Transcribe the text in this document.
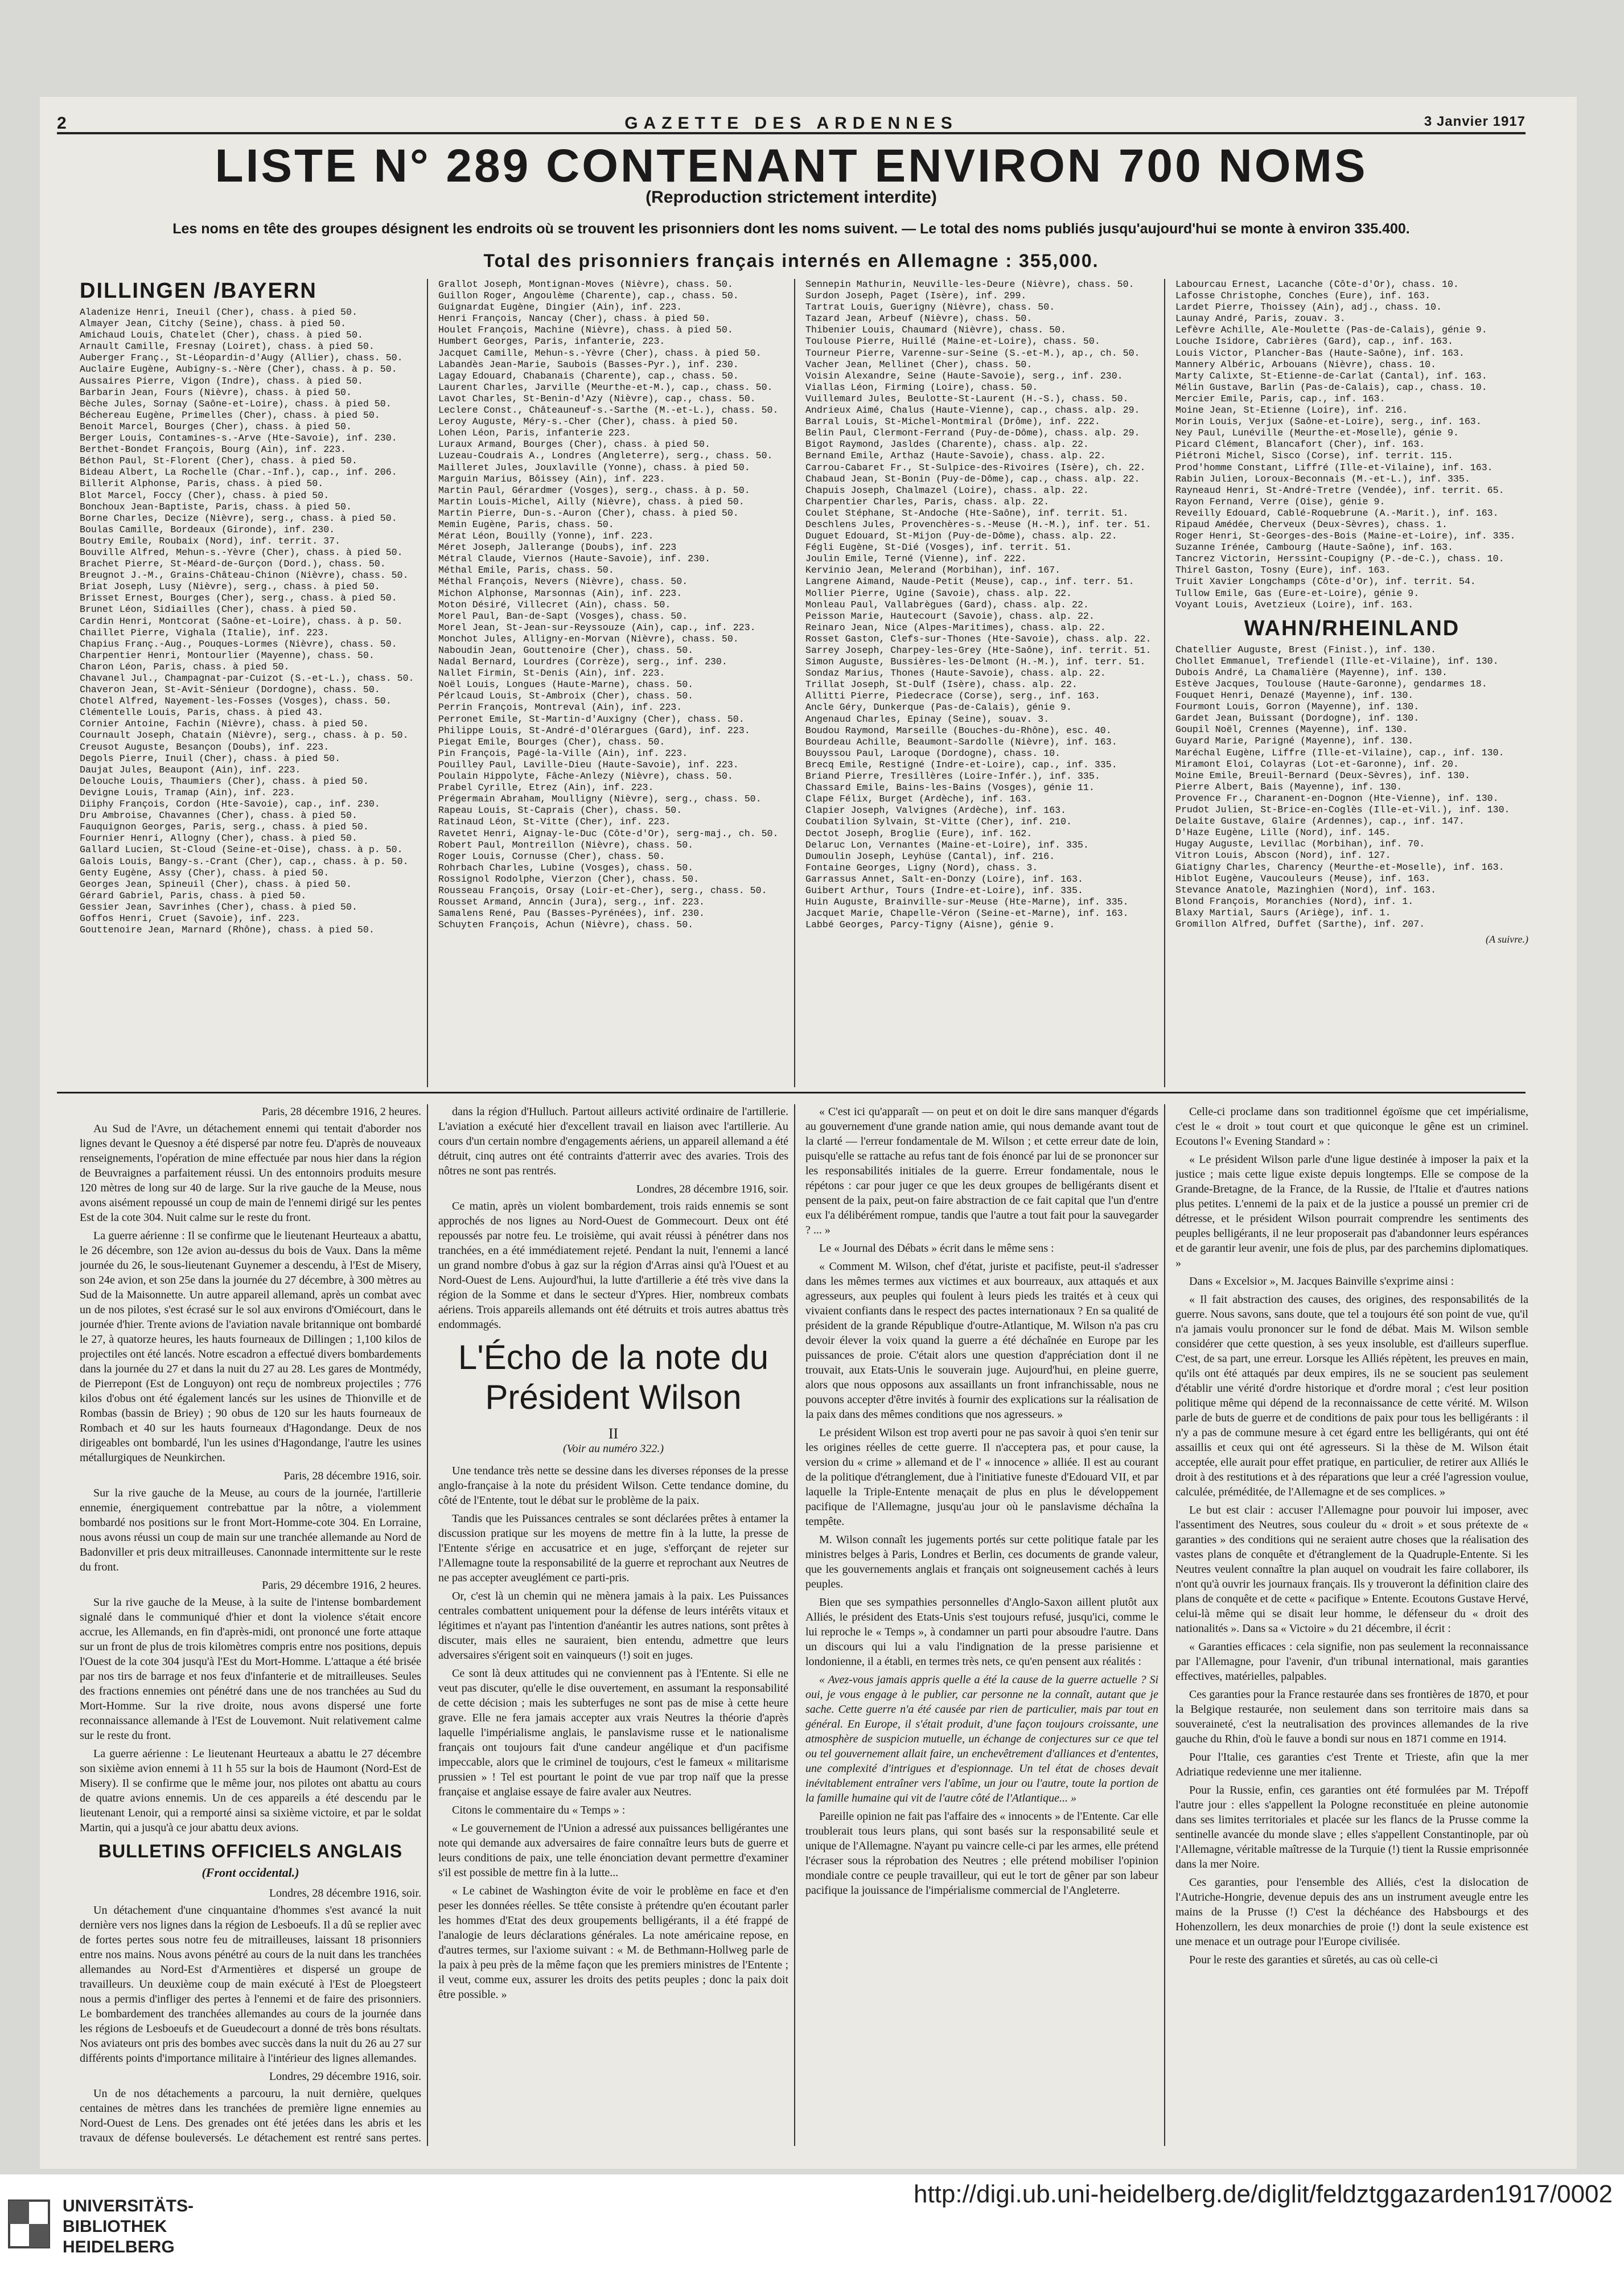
2	GAZETTE DES ARDENNES	3 Janvier 1917
LISTE N° 289 CONTENANT ENVIRON 700 NOMS
(Reproduction strictement interdite)
Les noms en tête des groupes désignent les endroits où se trouvent les prisonniers dont les noms suivent. — Le total des noms publiés jusqu'aujourd'hui se monte à environ 335.400.
Total des prisonniers français internés en Allemagne : 355,000.
DILLINGEN /BAYERN
Aladenize Henri, Ineuil (Cher), chass. à pied 50.
Almayer Jean, Citchy (Seine), chass. à pied 50.
Amichaud Louis, Chatelet (Cher), chass. à pied 50.
Arnault Camille, Fresnay (Loiret), chass. à pied 50.
Auberger Franç., St-Léopardin-d'Augy (Allier), chass. 50.
Auclaire Eugène, Aubigny-s.-Nère (Cher), chass. à p. 50.
Aussaires Pierre, Vigon (Indre), chass. à pied 50.
Barbarin Jean, Fours (Nièvre), chass. à pied 50.
Bèche Jules, Sornay (Saône-et-Loire), chass. à pied 50.
Béchereau Eugène, Primelles (Cher), chass. à pied 50.
Benoit Marcel, Bourges (Cher), chass. à pied 50.
Berger Louis, Contamines-s.-Arve (Hte-Savoie), inf. 230.
Berthet-Bondet François, Bourg (Ain), inf. 223.
Béthon Paul, St-Florent (Cher), chass. à pied 50.
Bideau Albert, La Rochelle (Char.-Inf.), cap., inf. 206.
Billerit Alphonse, Paris, chass. à pied 50.
Blot Marcel, Foccy (Cher), chass. à pied 50.
Bonchoux Jean-Baptiste, Paris, chass. à pied 50.
Borne Charles, Decize (Nièvre), serg., chass. à pied 50.
Boulas Camille, Bordeaux (Gironde), inf. 230.
Boutry Emile, Roubaix (Nord), inf. territ. 37.
Bouville Alfred, Mehun-s.-Yèvre (Cher), chass. à pied 50.
Brachet Pierre, St-Méard-de-Gurçon (Dord.), chass. 50.
Breugnot J.-M., Grains-Château-Chinon (Nièvre), chass. 50.
Briat Joseph, Lusy (Nièvre), serg., chass. à pied 50.
Brisset Ernest, Bourges (Cher), serg., chass. à pied 50.
Brunet Léon, Sidiailles (Cher), chass. à pied 50.
Cardin Henri, Montcorat (Saône-et-Loire), chass. à p. 50.
Chaillet Pierre, Vighala (Italie), inf. 223.
Chapius Franç.-Aug., Pouques-Lormes (Nièvre), chass. 50.
Charpentier Henri, Montourlier (Mayenne), chass. 50.
Charon Léon, Paris, chass. à pied 50.
Chavanel Jul., Champagnat-par-Cuizot (S.-et-L.), chass. 50.
Chaveron Jean, St-Avit-Sénieur (Dordogne), chass. 50.
Chotel Alfred, Nayement-les-Fosses (Vosges), chass. 50.
Clémentelle Louis, Paris, chass. à pied 43.
Cornier Antoine, Fachin (Nièvre), chass. à pied 50.
Cournault Joseph, Chatain (Nièvre), serg., chass. à p. 50.
Creusot Auguste, Besançon (Doubs), inf. 223.
Degols Pierre, Inuil (Cher), chass. à pied 50.
Daujat Jules, Beaupont (Ain), inf. 223.
Delouche Louis, Thaumiers (Cher), chass. à pied 50.
Devigne Louis, Tramap (Ain), inf. 223.
Diiphy François, Cordon (Hte-Savoie), cap., inf. 230.
Dru Ambroise, Chavannes (Cher), chass. à pied 50.
Fauquignon Georges, Paris, serg., chass. à pied 50.
Fournier Henri, Allogny (Cher), chass. à pied 50.
Gallard Lucien, St-Cloud (Seine-et-Oise), chass. à p. 50.
Galois Louis, Bangy-s.-Crant (Cher), cap., chass. à p. 50.
Genty Eugène, Assy (Cher), chass. à pied 50.
Georges Jean, Spineuil (Cher), chass. à pied 50.
Gérard Gabriel, Paris, chass. à pied 50.
Gessier Jean, Savrinhes (Cher), chass. à pied 50.
Goffos Henri, Cruet (Savoie), inf. 223.
Gouttenoire Jean, Marnard (Rhône), chass. à pied 50.
Grallot Joseph, Montignan-Moves (Nièvre), chass. 50.
Guillon Roger, Angoulème (Charente), cap., chass. 50.
Guignardat Eugène, Dingier (Ain), inf. 223.
Henri François, Nancay (Cher), chass. à pied 50.
Houlet François, Machine (Nièvre), chass. à pied 50.
Humbert Georges, Paris, infanterie, 223.
Jacquet Camille, Mehun-s.-Yèvre (Cher), chass. à pied 50.
Labandès Jean-Marie, Saubois (Basses-Pyr.), inf. 230.
Lagay Edouard, Chabanais (Charente), cap., chass. 50.
Laurent Charles, Jarville (Meurthe-et-M.), cap., chass. 50.
Lavot Charles, St-Benin-d'Azy (Nièvre), cap., chass. 50.
Leclere Const., Châteauneuf-s.-Sarthe (M.-et-L.), chass. 50.
Leroy Auguste, Méry-s.-Cher (Cher), chass. à pied 50.
Lohen Léon, Paris, infanterie 223.
Luraux Armand, Bourges (Cher), chass. à pied 50.
Luzeau-Coudrais A., Londres (Angleterre), serg., chass. 50.
Mailleret Jules, Jouxlaville (Yonne), chass. à pied 50.
Marguin Marius, Bôissey (Ain), inf. 223.
Martin Paul, Gérardmer (Vosges), serg., chass. à p. 50.
Martin Louis-Michel, Ailly (Nièvre), chass. à pied 50.
Martin Pierre, Dun-s.-Auron (Cher), chass. à pied 50.
Memin Eugène, Paris, chass. 50.
Mérat Léon, Bouilly (Yonne), inf. 223.
Méret Joseph, Jallerange (Doubs), inf. 223
Métral Claude, Viernos (Haute-Savoie), inf. 230.
Méthal Emile, Paris, chass. 50.
Méthal François, Nevers (Nièvre), chass. 50.
Michon Alphonse, Marsonnas (Ain), inf. 223.
Moton Désiré, Villecret (Ain), chass. 50.
Morel Paul, Ban-de-Sapt (Vosges), chass. 50.
Morel Jean, St-Jean-sur-Reyssouze (Ain), cap., inf. 223.
Monchot Jules, Alligny-en-Morvan (Nièvre), chass. 50.
Naboudin Jean, Gouttenoire (Cher), chass. 50.
Nadal Bernard, Lourdres (Corrèze), serg., inf. 230.
Nallet Firmin, St-Denis (Ain), inf. 223.
Noël Louis, Longues (Haute-Marne), chass. 50.
Pérlcaud Louis, St-Ambroix (Cher), chass. 50.
Perrin François, Montreval (Ain), inf. 223.
Perronet Emile, St-Martin-d'Auxigny (Cher), chass. 50.
Philippe Louis, St-André-d'Olérargues (Gard), inf. 223.
Piegat Emile, Bourges (Cher), chass. 50.
Pin François, Pagé-la-Ville (Ain), inf. 223.
Pouilley Paul, Laville-Dieu (Haute-Savoie), inf. 223.
Poulain Hippolyte, Fâche-Anlezy (Nièvre), chass. 50.
Prabel Cyrille, Etrez (Ain), inf. 223.
Prégermain Abraham, Moulligny (Nièvre), serg., chass. 50.
Rapeau Louis, St-Caprais (Cher), chass. 50.
Ratinaud Léon, St-Vitte (Cher), inf. 223.
Ravetet Henri, Aignay-le-Duc (Côte-d'Or), serg-maj., ch. 50.
Robert Paul, Montreillon (Nièvre), chass. 50.
Roger Louis, Cornusse (Cher), chass. 50.
Rohrbach Charles, Lubine (Vosges), chass. 50.
Rossignol Rodolphe, Vierzon (Cher), chass. 50.
Rousseau François, Orsay (Loir-et-Cher), serg., chass. 50.
Rousset Armand, Anncin (Jura), serg., inf. 223.
Samalens René, Pau (Basses-Pyrénées), inf. 230.
Schuyten François, Achun (Nièvre), chass. 50.
Sennepin Mathurin, Neuville-les-Deure (Nièvre), chass. 50.
Surdon Joseph, Paget (Isère), inf. 299.
Tartrat Louis, Guerigny (Nièvre), chass. 50.
Tazard Jean, Arbeuf (Nièvre), chass. 50.
Thibenier Louis, Chaumard (Nièvre), chass. 50.
Toulouse Pierre, Huillé (Maine-et-Loire), chass. 50.
Tourneur Pierre, Varenne-sur-Seine (S.-et-M.), ap., ch. 50.
Vacher Jean, Mellinet (Cher), chass. 50.
Voisin Alexandre, Seine (Haute-Savoie), serg., inf. 230.
Viallas Léon, Firming (Loire), chass. 50.
Vuillemard Jules, Beulotte-St-Laurent (H.-S.), chass. 50.
Andrieux Aimé, Chalus (Haute-Vienne), cap., chass. alp. 29.
Barral Louis, St-Michel-Montmiral (Drôme), inf. 222.
Belin Paul, Clermont-Ferrand (Puy-de-Dôme), chass. alp. 29.
Bigot Raymond, Jasldes (Charente), chass. alp. 22.
Bernand Emile, Arthaz (Haute-Savoie), chass. alp. 22.
Carrou-Cabaret Fr., St-Sulpice-des-Rivoires (Isère), ch. 22.
Chabaud Jean, St-Bonin (Puy-de-Dôme), cap., chass. alp. 22.
Chapuis Joseph, Chalmazel (Loire), chass. alp. 22.
Charpentier Charles, Paris, chass. alp. 22.
Coulet Stéphane, St-Andoche (Hte-Saône), inf. territ. 51.
Deschlens Jules, Provenchères-s.-Meuse (H.-M.), inf. ter. 51.
Duguet Edouard, St-Mijon (Puy-de-Dôme), chass. alp. 22.
Fégli Eugène, St-Dié (Vosges), inf. territ. 51.
Joulin Emile, Terné (Vienne), inf. 222.
Kervinio Jean, Melerand (Morbihan), inf. 167.
Langrene Aimand, Naude-Petit (Meuse), cap., inf. terr. 51.
Mollier Pierre, Ugine (Savoie), chass. alp. 22.
Monleau Paul, Vallabrègues (Gard), chass. alp. 22.
Peisson Marie, Hautecourt (Savoie), chass. alp. 22.
Reinaro Jean, Nice (Alpes-Maritimes), chass. alp. 22.
Rosset Gaston, Clefs-sur-Thones (Hte-Savoie), chass. alp. 22.
Sarrey Joseph, Charpey-les-Grey (Hte-Saône), inf. territ. 51.
Simon Auguste, Bussières-les-Delmont (H.-M.), inf. terr. 51.
Sondaz Marius, Thones (Haute-Savoie), chass. alp. 22.
Trillat Joseph, St-Dulf (Isère), chass. alp. 22.
Allitti Pierre, Piedecrace (Corse), serg., inf. 163.
Ancle Géry, Dunkerque (Pas-de-Calais), génie 9.
Angenaud Charles, Epinay (Seine), souav. 3.
Boudou Raymond, Marseille (Bouches-du-Rhône), esc. 40.
Bourdeau Achille, Beaumont-Sardolle (Nièvre), inf. 163.
Bouyssou Paul, Laroque (Dordogne), chass. 10.
Brecq Emile, Restigné (Indre-et-Loire), cap., inf. 335.
Briand Pierre, Tresillères (Loire-Infér.), inf. 335.
Chassard Emile, Bains-les-Bains (Vosges), génie 11.
Clape Félix, Burget (Ardèche), inf. 163.
Clapier Joseph, Valvignes (Ardèche), inf. 163.
Coubatilion Sylvain, St-Vitte (Cher), inf. 210.
Dectot Joseph, Broglie (Eure), inf. 162.
Delaruc Lon, Vernantes (Maine-et-Loire), inf. 335.
Dumoulin Joseph, Leyhüse (Cantal), inf. 216.
Fontaine Georges, Ligny (Nord), chass. 3.
Garrassus Annet, Salt-en-Donzy (Loire), inf. 163.
Guibert Arthur, Tours (Indre-et-Loire), inf. 335.
Huin Auguste, Brainville-sur-Meuse (Hte-Marne), inf. 335.
Jacquet Marie, Chapelle-Véron (Seine-et-Marne), inf. 163.
Labbé Georges, Parcy-Tigny (Aisne), génie 9.
Labourcau Ernest, Lacanche (Côte-d'Or), chass. 10.
Lafosse Christophe, Conches (Eure), inf. 163.
Lardet Pierre, Thoissey (Ain), adj., chass. 10.
Launay André, Paris, zouav. 3.
Lefèvre Achille, Ale-Moulette (Pas-de-Calais), génie 9.
Louche Isidore, Cabrières (Gard), cap., inf. 163.
Louis Victor, Plancher-Bas (Haute-Saône), inf. 163.
Mannery Albéric, Arbouans (Nièvre), chass. 10.
Marty Calixte, St-Etienne-de-Carlat (Cantal), inf. 163.
Mélin Gustave, Barlin (Pas-de-Calais), cap., chass. 10.
Mercier Emile, Paris, cap., inf. 163.
Moine Jean, St-Etienne (Loire), inf. 216.
Morin Louis, Verjux (Saône-et-Loire), serg., inf. 163.
Ney Paul, Lunéville (Meurthe-et-Moselle), génie 9.
Picard Clément, Blancafort (Cher), inf. 163.
Piétroni Michel, Sisco (Corse), inf. territ. 115.
Prod'homme Constant, Liffré (Ille-et-Vilaine), inf. 163.
Rabin Julien, Loroux-Beconnais (M.-et-L.), inf. 335.
Rayneaud Henri, St-André-Tretre (Vendée), inf. territ. 65.
Rayon Fernand, Verre (Oise), génie 9.
Reveilly Edouard, Cablé-Roquebrune (A.-Marit.), inf. 163.
Ripaud Amédée, Cherveux (Deux-Sèvres), chass. 1.
Roger Henri, St-Georges-des-Bois (Maine-et-Loire), inf. 335.
Suzanne Irénée, Cambourg (Haute-Saône), inf. 163.
Tancrez Victorin, Herssint-Coupigny (P.-de-C.), chass. 10.
Thirel Gaston, Tosny (Eure), inf. 163.
Truit Xavier Longchamps (Côte-d'Or), inf. territ. 54.
Tullow Emile, Gas (Eure-et-Loire), génie 9.
Voyant Louis, Avetzieux (Loire), inf. 163.
WAHN/RHEINLAND
Chatellier Auguste, Brest (Finist.), inf. 130.
Chollet Emmanuel, Trefiendel (Ille-et-Vilaine), inf. 130.
Dubois André, La Chamalière (Mayenne), inf. 130.
Estève Jacques, Toulouse (Haute-Garonne), gendarmes 18.
Fouquet Henri, Denazé (Mayenne), inf. 130.
Fourmont Louis, Gorron (Mayenne), inf. 130.
Gardet Jean, Buissant (Dordogne), inf. 130.
Goupil Noël, Crennes (Mayenne), inf. 130.
Guyard Marie, Parigné (Mayenne), inf. 130.
Maréchal Eugène, Liffre (Ille-et-Vilaine), cap., inf. 130.
Miramont Eloi, Colayras (Lot-et-Garonne), inf. 20.
Moine Emile, Breuil-Bernard (Deux-Sèvres), inf. 130.
Pierre Albert, Bais (Mayenne), inf. 130.
Provence Fr., Charanent-en-Dognon (Hte-Vienne), inf. 130.
Prudot Julien, St-Brice-en-Coglès (Ille-et-Vil.), inf. 130.
Delaite Gustave, Glaire (Ardennes), cap., inf. 147.
D'Haze Eugène, Lille (Nord), inf. 145.
Hugay Auguste, Levillac (Morbihan), inf. 70.
Vitron Louis, Abscon (Nord), inf. 127.
Giatigny Charles, Charency (Meurthe-et-Moselle), inf. 163.
Hiblot Eugène, Vaucouleurs (Meuse), inf. 163.
Stevance Anatole, Mazinghien (Nord), inf. 163.
Blond François, Moranchies (Nord), inf. 1.
Blaxy Martial, Saurs (Ariège), inf. 1.
Gromillon Alfred, Duffet (Sarthe), inf. 207.
(A suivre.)

Paris, 28 décembre 1916, 2 heures.

Au Sud de l'Avre, un détachement ennemi qui tentait d'aborder nos lignes devant le Quesnoy a été dispersé par notre feu. D'après de nouveaux renseignements, l'opération de mine effectuée par nous hier dans la région de Beuvraignes a parfaitement réussi. Un des entonnoirs produits mesure 120 mètres de long sur 40 de large. Sur la rive gauche de la Meuse, nous avons aisément repoussé un coup de main de l'ennemi dirigé sur les pentes Est de la cote 304. Nuit calme sur le reste du front.

La guerre aérienne : Il se confirme que le lieutenant Heurteaux a abattu, le 26 décembre, son 12e avion au-dessus du bois de Vaux. Dans la même journée du 26, le sous-lieutenant Guynemer a descendu, à l'Est de Misery, son 24e avion, et son 25e dans la journée du 27 décembre, à 300 mètres au Sud de la Maisonnette. Un autre appareil allemand, après un combat avec un de nos pilotes, s'est écrasé sur le sol aux environs d'Omiécourt, dans le journée d'hier. Trente avions de l'aviation navale britannique ont bombardé le 27, à quatorze heures, les hauts fourneaux de Dillingen ; 1,100 kilos de projectiles ont été lancés. Notre escadron a effectué divers bombardements dans la journée du 27 et dans la nuit du 27 au 28. Les gares de Montmédy, de Pierrepont (Est de Longuyon) ont reçu de nombreux projectiles ; 776 kilos d'obus ont été également lancés sur les usines de Thionville et de Rombas (bassin de Briey) ; 90 obus de 120 sur les hauts fourneaux de Rombach et 40 sur les hauts fourneaux d'Hagondange. Deux de nos dirigeables ont bombardé, l'un les usines d'Hagondange, l'autre les usines métallurgiques de Neunkirchen.

Paris, 28 décembre 1916, soir.

Sur la rive gauche de la Meuse, au cours de la journée, l'artillerie ennemie, énergiquement contrebattue par la nôtre, a violemment bombardé nos positions sur le front Mort-Homme-cote 304. En Lorraine, nous avons réussi un coup de main sur une tranchée allemande au Nord de Badonviller et pris deux mitrailleuses. Canonnade intermittente sur le reste du front.

Paris, 29 décembre 1916, 2 heures.

Sur la rive gauche de la Meuse, à la suite de l'intense bombardement signalé dans le communiqué d'hier et dont la violence s'était encore accrue, les Allemands, en fin d'après-midi, ont prononcé une forte attaque sur un front de plus de trois kilomètres compris entre nos positions, depuis l'Ouest de la cote 304 jusqu'à l'Est du Mort-Homme. L'attaque a été brisée par nos tirs de barrage et nos feux d'infanterie et de mitrailleuses. Seules des fractions ennemies ont pénétré dans une de nos tranchées au Sud du Mort-Homme. Sur la rive droite, nous avons dispersé une forte reconnaissance allemande à l'Est de Louvemont. Nuit relativement calme sur le reste du front.

La guerre aérienne : Le lieutenant Heurteaux a abattu le 27 décembre son sixième avion ennemi à 11 h 55 sur la bois de Haumont (Nord-Est de Misery). Il se confirme que le même jour, nos pilotes ont abattu au cours de quatre avions ennemis. Un de ces appareils a été descendu par le lieutenant Lenoir, qui a remporté ainsi sa sixième victoire, et par le soldat Martin, qui a jusqu'à ce jour abattu deux avions.

BULLETINS OFFICIELS ANGLAIS
(Front occidental.)

Londres, 28 décembre 1916, soir.

Un détachement d'une cinquantaine d'hommes s'est avancé la nuit dernière vers nos lignes dans la région de Lesboeufs. Il a dû se replier avec de fortes pertes sous notre feu de mitrailleuses, laissant 18 prisonniers entre nos mains. Nous avons pénétré au cours de la nuit dans les tranchées allemandes au Nord-Est d'Armentières et dispersé un groupe de travailleurs. Un deuxième coup de main exécuté à l'Est de Ploegsteert nous a permis d'infliger des pertes à l'ennemi et de faire des prisonniers. Le bombardement des tranchées allemandes au cours de la journée dans les régions de Lesboeufs et de Gueudecourt a donné de très bons résultats. Nos aviateurs ont pris des bombes avec succès dans la nuit du 26 au 27 sur différents points d'importance militaire à l'intérieur des lignes allemandes.

Londres, 29 décembre 1916, soir.

Un de nos détachements a parcouru, la nuit dernière, quelques centaines de mètres dans les tranchées de première ligne ennemies au Nord-Ouest de Lens. Des grenades ont été jetées dans les abris et les travaux de défense bouleversés. Le détachement est rentré sans pertes.

dans la région d'Hulluch. Partout ailleurs activité ordinaire de l'artillerie. L'aviation a exécuté hier d'excellent travail en liaison avec l'artillerie. Au cours d'un certain nombre d'engagements aériens, un appareil allemand a été détruit, cinq autres ont été contraints d'atterrir avec des avaries. Trois des nôtres ne sont pas rentrés.

Londres, 28 décembre 1916, soir.

Ce matin, après un violent bombardement, trois raids ennemis se sont approchés de nos lignes au Nord-Ouest de Gommecourt. Deux ont été repoussés par notre feu. Le troisième, qui avait réussi à pénétrer dans nos tranchées, en a été immédiatement rejeté. Pendant la nuit, l'ennemi a lancé un grand nombre d'obus à gaz sur la région d'Arras ainsi qu'à l'Ouest et au Nord-Ouest de Lens. Aujourd'hui, la lutte d'artillerie a été très vive dans la région de la Somme et dans le secteur d'Ypres. Hier, nombreux combats aériens. Trois appareils allemands ont été détruits et trois autres abattus très endommagés.

L'Écho de la note du Président Wilson

II

(Voir au numéro 322.)

Une tendance très nette se dessine dans les diverses réponses de la presse anglo-française à la note du président Wilson. Cette tendance domine, du côté de l'Entente, tout le débat sur le problème de la paix.

Tandis que les Puissances centrales se sont déclarées prêtes à entamer la discussion pratique sur les moyens de mettre fin à la lutte, la presse de l'Entente s'érige en accusatrice et en juge, s'efforçant de rejeter sur l'Allemagne toute la responsabilité de la guerre et reprochant aux Neutres de ne pas accepter aveuglément ce parti-pris.

Or, c'est là un chemin qui ne mènera jamais à la paix. Les Puissances centrales combattent uniquement pour la défense de leurs intérêts vitaux et légitimes et n'ayant pas l'intention d'anéantir les autres nations, sont prêtes à discuter, mais elles ne sauraient, bien entendu, admettre que leurs adversaires s'érigent soit en vainqueurs (!) soit en juges.

Ce sont là deux attitudes qui ne conviennent pas à l'Entente. Si elle ne veut pas discuter, qu'elle le dise ouvertement, en assumant la responsabilité de cette décision ; mais les subterfuges ne sont pas de mise à cette heure grave. Elle ne fera jamais accepter aux vrais Neutres la théorie d'après laquelle l'impérialisme anglais, le panslavisme russe et le nationalisme français ont toujours fait d'une candeur angélique et d'un pacifisme impeccable, alors que le criminel de toujours, c'est le fameux « militarisme prussien » ! Tel est pourtant le point de vue par trop naïf que la presse française et anglaise essaye de faire avaler aux Neutres.

Citons le commentaire du « Temps » :

« Le gouvernement de l'Union a adressé aux puissances belligérantes une note qui demande aux adversaires de faire connaître leurs buts de guerre et leurs conditions de paix, une telle énonciation devant permettre d'examiner s'il est possible de mettre fin à la lutte...

« Le cabinet de Washington évite de voir le problème en face et d'en peser les données réelles. Se ttête consiste à prétendre qu'en écoutant parler les hommes d'Etat des deux groupements belligérants, il a été frappé de l'analogie de leurs déclarations générales. La note américaine repose, en d'autres termes, sur l'axiome suivant : « M. de Bethmann-Hollweg parle de la paix à peu près de la même façon que les premiers ministres de l'Entente ; il veut, comme eux, assurer les droits des petits peuples ; donc la paix doit être possible. »

« C'est ici qu'apparaît — on peut et on doit le dire sans manquer d'égards au gouvernement d'une grande nation amie, qui nous demande avant tout de la clarté — l'erreur fondamentale de M. Wilson ; et cette erreur date de loin, puisqu'elle se rattache au refus tant de fois énoncé par lui de se prononcer sur les responsabilités initiales de la guerre. Erreur fondamentale, nous le répétons : car pour juger ce que les deux groupes de belligérants disent et pensent de la paix, peut-on faire abstraction de ce fait capital que l'un d'entre eux l'a délibérément rompue, tandis que l'autre a tout fait pour la sauvegarder ? ... »

Le « Journal des Débats » écrit dans le même sens :

« Comment M. Wilson, chef d'état, juriste et pacifiste, peut-il s'adresser dans les mêmes termes aux victimes et aux bourreaux, aux attaqués et aux agresseurs, aux peuples qui foulent à leurs pieds les traités et à ceux qui vivaient confiants dans le respect des pactes internationaux ? En sa qualité de président de la grande République d'outre-Atlantique, M. Wilson n'a pas cru devoir élever la voix quand la guerre a été déchaînée en Europe par les puissances de proie. C'était alors une question d'appréciation dont il ne trouvait, aux Etats-Unis le souverain juge. Aujourd'hui, en pleine guerre, alors que nous opposons aux assaillants un front infranchissable, nous ne pouvons accepter d'être invités à fournir des explications sur la réalisation de la paix dans des mêmes conditions que nos agresseurs. »

Le président Wilson est trop averti pour ne pas savoir à quoi s'en tenir sur les origines réelles de cette guerre. Il n'acceptera pas, et pour cause, la version du « crime » allemand et de l' « innocence » alliée. Il est au courant de la politique d'étranglement, due à l'initiative funeste d'Edouard VII, et par laquelle la Triple-Entente menaçait de plus en plus le développement pacifique de l'Allemagne, jusqu'au jour où le panslavisme déchaîna la tempête.

M. Wilson connaît les jugements portés sur cette politique fatale par les ministres belges à Paris, Londres et Berlin, ces documents de grande valeur, que les gouvernements anglais et français ont soigneusement cachés à leurs peuples.

Bien que ses sympathies personnelles d'Anglo-Saxon aillent plutôt aux Alliés, le président des Etats-Unis s'est toujours refusé, jusqu'ici, comme le lui reproche le « Temps », à condamner un parti pour absoudre l'autre. Dans un discours qui lui a valu l'indignation de la presse parisienne et londonienne, il a établi, en termes très nets, ce qu'en pensent aux réalités :

« Avez-vous jamais appris quelle a été la cause de la guerre actuelle ? Si oui, je vous engage à le publier, car personne ne la connaît, autant que je sache. Cette guerre n'a été causée par rien de particulier, mais par tout en général. En Europe, il s'était produit, d'une façon toujours croissante, une atmosphère de suspicion mutuelle, un échange de conjectures sur ce que tel ou tel gouvernement allait faire, un enchevêtrement d'alliances et d'ententes, une complexité d'intrigues et d'espionnage. Un tel état de choses devait inévitablement entraîner vers l'abîme, un jour ou l'autre, toute la portion de la famille humaine qui vit de l'autre côté de l'Atlantique... »

Pareille opinion ne fait pas l'affaire des « innocents » de l'Entente. Car elle troublerait tous leurs plans, qui sont basés sur la responsabilité seule et unique de l'Allemagne. N'ayant pu vaincre celle-ci par les armes, elle prétend l'écraser sous la réprobation des Neutres ; elle prétend mobiliser l'opinion mondiale contre ce peuple travailleur, qui eut le tort de gêner par son labeur pacifique la jouissance de l'impérialisme commercial de l'Angleterre.

Celle-ci proclame dans son traditionnel égoïsme que cet impérialisme, c'est le « droit » tout court et que quiconque le gêne est un criminel. Ecoutons l'« Evening Standard » :

« Le président Wilson parle d'une ligue destinée à imposer la paix et la justice ; mais cette ligue existe depuis longtemps. Elle se compose de la Grande-Bretagne, de la France, de la Russie, de l'Italie et d'autres nations plus petites. L'ennemi de la paix et de la justice a poussé un premier cri de détresse, et le président Wilson pourrait comprendre les sentiments des peuples belligérants, il ne leur proposerait pas d'abandonner leurs espérances et de garantir leur avenir, une fois de plus, par des parchemins diplomatiques. »

Dans « Excelsior », M. Jacques Bainville s'exprime ainsi :

« Il fait abstraction des causes, des origines, des responsabilités de la guerre. Nous savons, sans doute, que tel a toujours été son point de vue, qu'il n'a jamais voulu prononcer sur le fond de débat. Mais M. Wilson semble considérer que cette question, à ses yeux insoluble, est d'ailleurs superflue. C'est, de sa part, une erreur. Lorsque les Alliés répètent, les preuves en main, qu'ils ont été attaqués par deux empires, ils ne se soucient pas seulement d'établir une vérité d'ordre historique et d'ordre moral ; c'est leur position politique même qui dépend de la reconnaissance de cette vérité. M. Wilson parle de buts de guerre et de conditions de paix pour tous les belligérants : il n'y a pas de commune mesure à cet égard entre les belligérants, qui ont été assaillis et ceux qui ont été agresseurs. Si la thèse de M. Wilson était acceptée, elle aurait pour effet pratique, en particulier, de retirer aux Alliés le droit à des restitutions et à des réparations que leur a créé l'agression voulue, calculée, préméditée, de l'Allemagne et de ses complices. »

Le but est clair : accuser l'Allemagne pour pouvoir lui imposer, avec l'assentiment des Neutres, sous couleur du « droit » et sous prétexte de « garanties » des conditions qui ne seraient autre choses que la réalisation des vastes plans de conquête et d'étranglement de la Quadruple-Entente. Si les Neutres veulent connaître la plan auquel on voudrait les faire collaborer, ils n'ont qu'à ouvrir les journaux français. Ils y trouveront la définition claire des plans de conquête et de cette « pacifique » Entente. Ecoutons Gustave Hervé, celui-là même qui se disait leur homme, le défenseur du « droit des nationalités ». Dans sa « Victoire » du 21 décembre, il écrit :

« Garanties efficaces : cela signifie, non pas seulement la reconnaissance par l'Allemagne, pour l'avenir, d'un tribunal international, mais garanties effectives, matérielles, palpables.

Ces garanties pour la France restaurée dans ses frontières de 1870, et pour la Belgique restaurée, non seulement dans son territoire mais dans sa souveraineté, c'est la neutralisation des provinces allemandes de la rive gauche du Rhin, d'où le fauve a bondi sur nous en 1871 comme en 1914.

Pour l'Italie, ces garanties c'est Trente et Trieste, afin que la mer Adriatique redevienne une mer italienne.

Pour la Russie, enfin, ces garanties ont été formulées par M. Trépoff l'autre jour : elles s'appellent la Pologne reconstituée en pleine autonomie dans ses limites territoriales et placée sur les flancs de la Prusse comme la sentinelle avancée du monde slave ; elles s'appellent Constantinople, par où l'Allemagne, véritable maîtresse de la Turquie (!) tient la Russie emprisonnée dans la mer Noire.

Ces garanties, pour l'ensemble des Alliés, c'est la dislocation de l'Autriche-Hongrie, devenue depuis des ans un instrument aveugle entre les mains de la Prusse (!) C'est la déchéance des Habsbourgs et des Hohenzollern, les deux monarchies de proie (!) dont la seule existence est une menace et un outrage pour l'Europe civilisée.

Pour le reste des garanties et sûretés, au cas où celle-ci

UNIVERSITÄTS-
BIBLIOTHEK
HEIDELBERG
http://digi.ub.uni-heidelberg.de/diglit/feldztggazarden1917/0002
